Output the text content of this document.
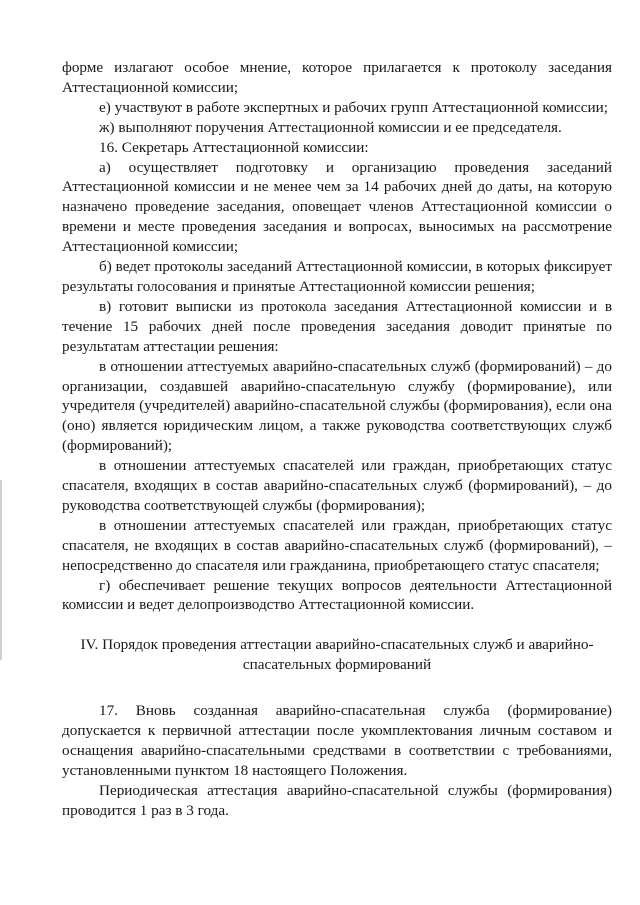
форме излагают особое мнение, которое прилагается к протоколу заседания Аттестационной комиссии;

е) участвуют в работе экспертных и рабочих групп Аттестационной комиссии;

ж) выполняют поручения Аттестационной комиссии и ее председателя.

16. Секретарь Аттестационной комиссии:

а) осуществляет подготовку и организацию проведения заседаний Аттестационной комиссии и не менее чем за 14 рабочих дней до даты, на которую назначено проведение заседания, оповещает членов Аттестационной комиссии о времени и месте проведения заседания и вопросах, выносимых на рассмотрение Аттестационной комиссии;

б) ведет протоколы заседаний Аттестационной комиссии, в которых фиксирует результаты голосования и принятые Аттестационной комиссии решения;

в) готовит выписки из протокола заседания Аттестационной комиссии и в течение 15 рабочих дней после проведения заседания доводит принятые по результатам аттестации решения:

в отношении аттестуемых аварийно-спасательных служб (формирований) – до организации, создавшей аварийно-спасательную службу (формирование), или учредителя (учредителей) аварийно-спасательной службы (формирования), если она (оно) является юридическим лицом, а также руководства соответствующих служб (формирований);

в отношении аттестуемых спасателей или граждан, приобретающих статус спасателя, входящих в состав аварийно-спасательных служб (формирований), – до руководства соответствующей службы (формирования);

в отношении аттестуемых спасателей или граждан, приобретающих статус спасателя, не входящих в состав аварийно-спасательных служб (формирований), – непосредственно до спасателя или гражданина, приобретающего статус спасателя;

г) обеспечивает решение текущих вопросов деятельности Аттестационной комиссии и ведет делопроизводство Аттестационной комиссии.

IV. Порядок проведения аттестации аварийно-спасательных служб и аварийно-спасательных формирований

17. Вновь созданная аварийно-спасательная служба (формирование) допускается к первичной аттестации после укомплектования личным составом и оснащения аварийно-спасательными средствами в соответствии с требованиями, установленными пунктом 18 настоящего Положения.

Периодическая аттестация аварийно-спасательной службы (формирования) проводится 1 раз в 3 года.
